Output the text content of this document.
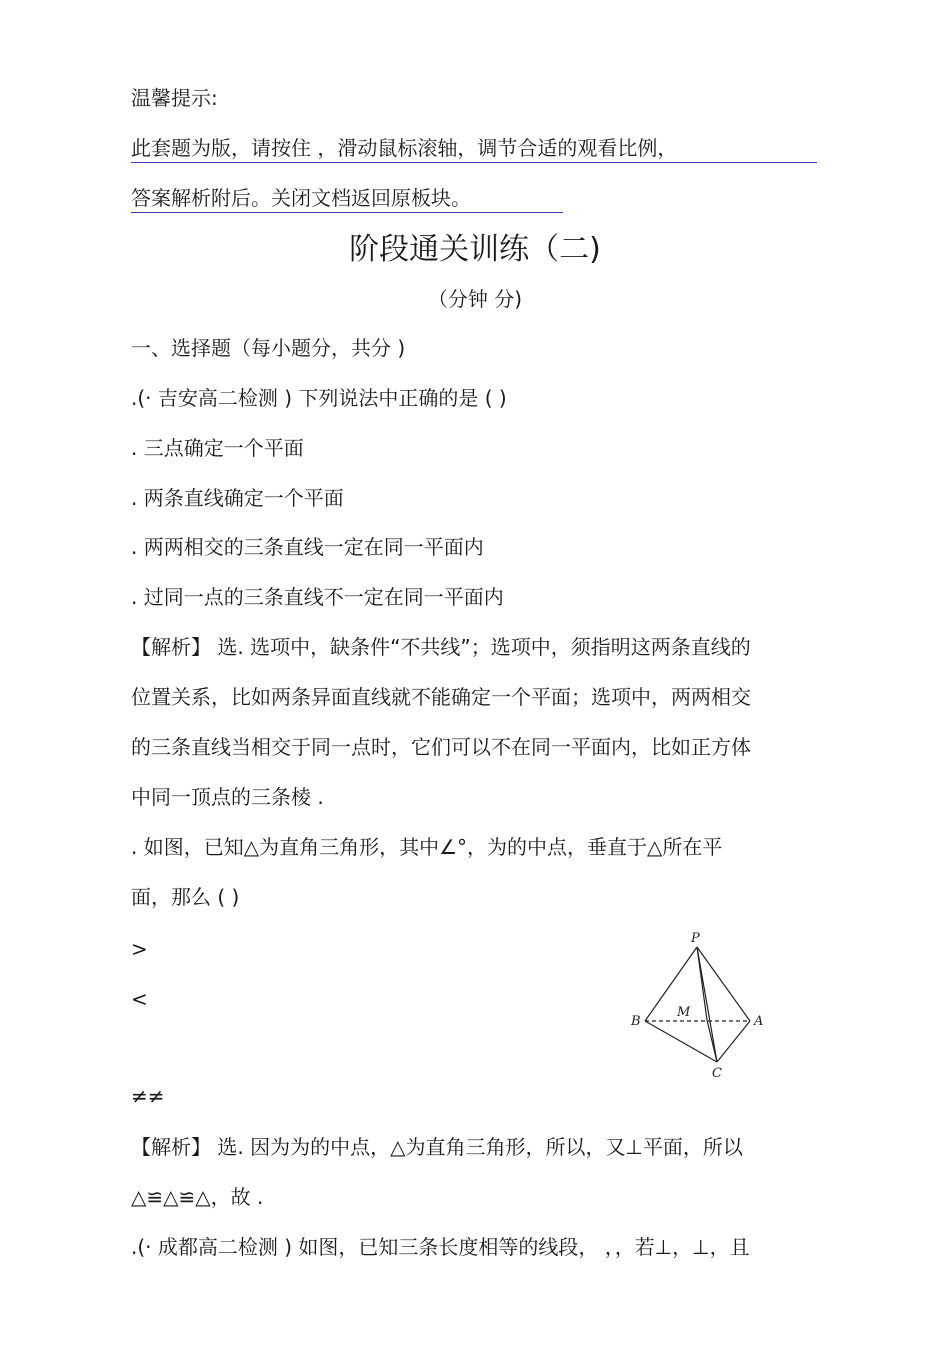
温馨提示:
此套题为版，请按住 ，滑动鼠标滚轴，调节合适的观看比例，
答案解析附后。关闭文档返回原板块。
阶段通关训练（二)
（分钟 分)
一、选择题（每小题分，共分 )
.(· 吉安高二检测 ) 下列说法中正确的是 ( )
. 三点确定一个平面
. 两条直线确定一个平面
. 两两相交的三条直线一定在同一平面内
. 过同一点的三条直线不一定在同一平面内
【解析】 选. 选项中，缺条件“不共线”；选项中，须指明这两条直线的
位置关系，比如两条异面直线就不能确定一个平面；选项中，两两相交
的三条直线当相交于同一点时，它们可以不在同一平面内，比如正方体
中同一顶点的三条棱 .
. 如图，已知△为直角三角形，其中∠°，为的中点，垂直于△所在平
面，那么 ( )
>
<
≠≠
P
M
B	A
C
【解析】 选. 因为为的中点，△为直角三角形，所以，又⊥平面，所以
△≌△≌△，故 .
.(· 成都高二检测 ) 如图，已知三条长度相等的线段， ，，若⊥，⊥，且
